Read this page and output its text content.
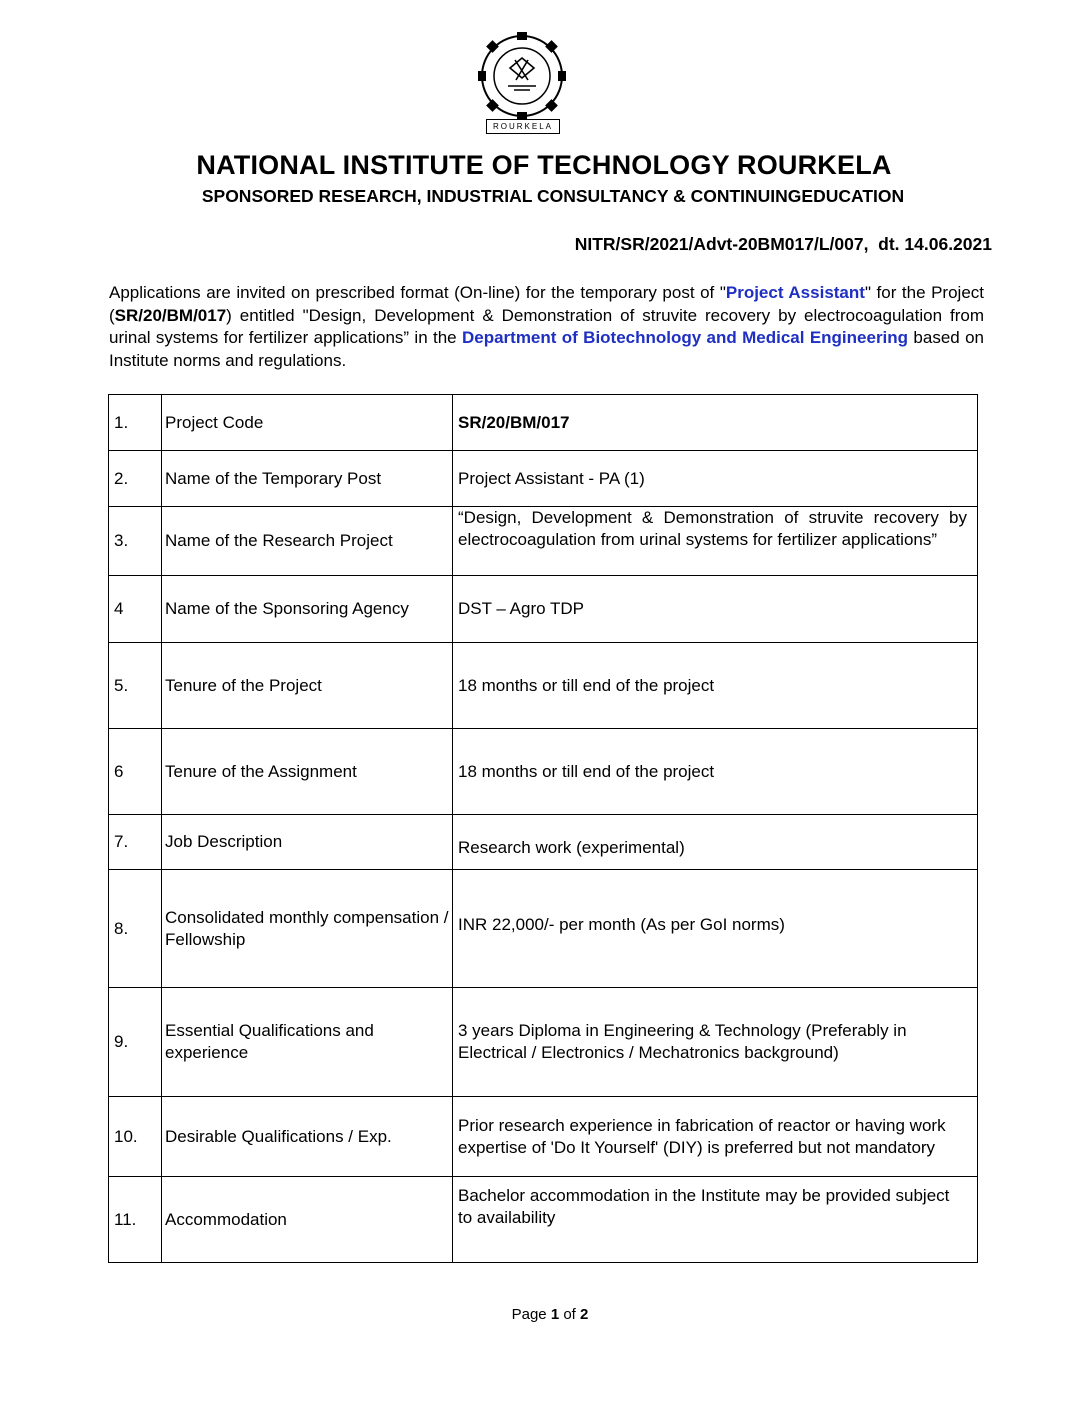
ROURKELA
NATIONAL INSTITUTE OF TECHNOLOGY ROURKELA
SPONSORED RESEARCH, INDUSTRIAL CONSULTANCY & CONTINUINGEDUCATION
NITR/SR/2021/Advt-20BM017/L/007,  dt. 14.06.2021
Applications are invited on prescribed format (On-line) for the temporary post of "Project Assistant" for the Project (SR/20/BM/017) entitled "Design, Development & Demonstration of struvite recovery by electrocoagulation from urinal systems for fertilizer applications” in the Department of Biotechnology and Medical Engineering based on Institute norms and regulations.
1.	Project Code	SR/20/BM/017
2.	Name of the Temporary Post	Project Assistant - PA (1)
3.	Name of the Research Project	“Design, Development & Demonstration of struvite recovery by electrocoagulation from urinal systems for fertilizer applications”
4	Name of the Sponsoring Agency	DST – Agro TDP
5.	Tenure of the Project	18 months or till end of the project
6	Tenure of the Assignment	18 months or till end of the project
7.	Job Description	Research work (experimental)
8.	Consolidated monthly compensation / Fellowship	INR 22,000/- per month (As per GoI norms)
9.	Essential Qualifications and experience	3 years Diploma in Engineering & Technology (Preferably in Electrical / Electronics / Mechatronics background)
10.	Desirable Qualifications / Exp.	Prior research experience in fabrication of reactor or having work expertise of 'Do It Yourself' (DIY) is preferred but not mandatory
11.	Accommodation	Bachelor accommodation in the Institute may be provided subject to availability
Page 1 of 2
